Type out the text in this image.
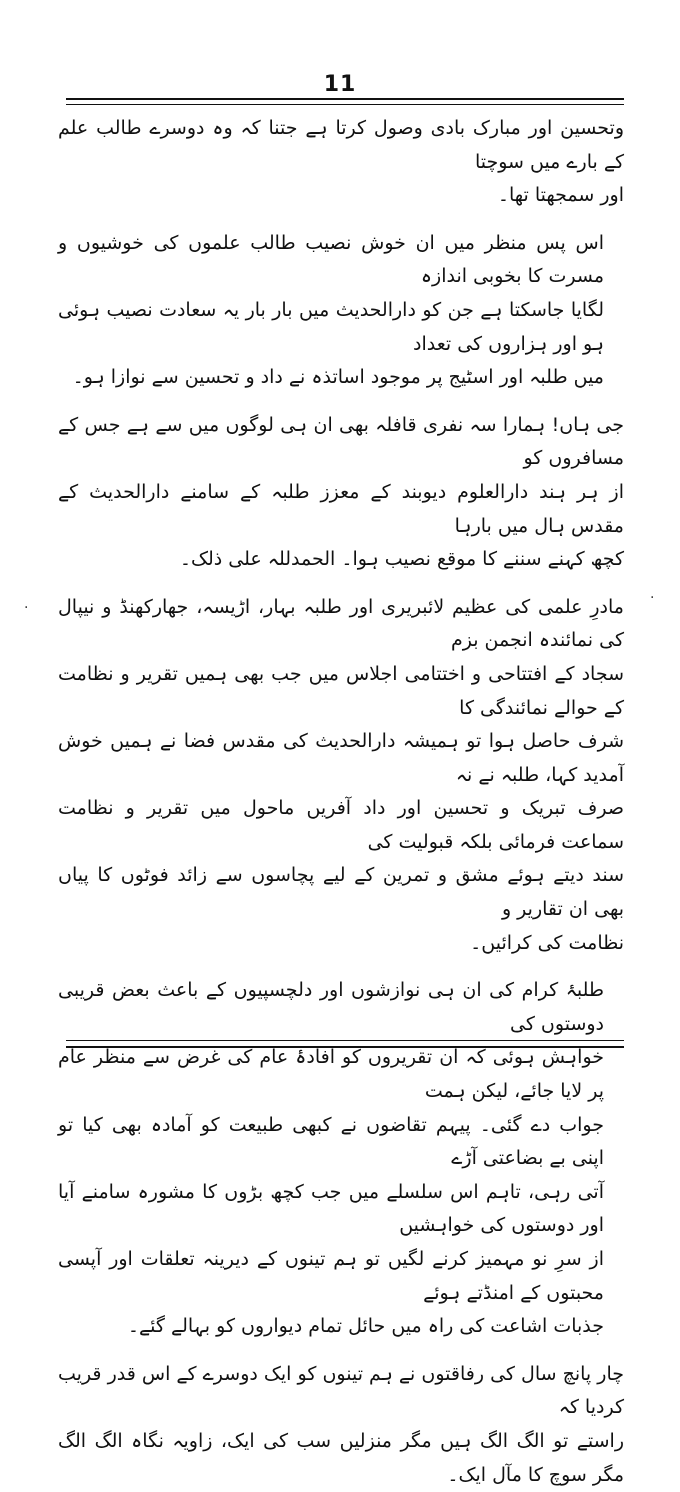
11
وتحسین اور مبارک بادی وصول کرتا ہے جتنا کہ وہ دوسرے طالب علم کے بارے میں سوچتا
اور سمجھتا تھا۔
اس پس منظر میں ان خوش نصیب طالب علموں کی خوشیوں و مسرت کا بخوبی اندازہ
لگایا جاسکتا ہے جن کو دارالحدیث میں بار بار یہ سعادت نصیب ہوئی ہو اور ہزاروں کی تعداد
میں طلبہ اور اسٹیج پر موجود اساتذہ نے داد و تحسین سے نوازا ہو۔
جی ہاں! ہمارا سہ نفری قافلہ بھی ان ہی لوگوں میں سے ہے جس کے مسافروں کو
از ہر ہند دارالعلوم دیوبند کے معزز طلبہ کے سامنے دارالحدیث کے مقدس ہال میں بارہا
کچھ کہنے سننے کا موقع نصیب ہوا۔ الحمدللہ علی ذلک۔
مادرِ علمی کی عظیم لائبریری اور طلبہ بہار، اڑیسہ، جھارکھنڈ و نیپال کی نمائندہ انجمن بزم
سجاد کے افتتاحی و اختتامی اجلاس میں جب بھی ہمیں تقریر و نظامت کے حوالے نمائندگی کا
شرف حاصل ہوا تو ہمیشہ دارالحدیث کی مقدس فضا نے ہمیں خوش آمدید کہا، طلبہ نے نہ
صرف تبریک و تحسین اور داد آفریں ماحول میں تقریر و نظامت سماعت فرمائی بلکہ قبولیت کی
سند دیتے ہوئے مشق و تمرین کے لیے پچاسوں سے زائد فوٹوں کا پیاں بھی ان تقاریر و
نظامت کی کرائیں۔
طلبۂ کرام کی ان ہی نوازشوں اور دلچسپیوں کے باعث بعض قریبی دوستوں کی
خواہش ہوئی کہ ان تقریروں کو افادۂ عام کی غرض سے منظر عام پر لایا جائے، لیکن ہمت
جواب دے گئی۔ پیہم تقاضوں نے کبھی طبیعت کو آمادہ بھی کیا تو اپنی بے بضاعتی آڑے
آتی رہی، تاہم اس سلسلے میں جب کچھ بڑوں کا مشورہ سامنے آیا اور دوستوں کی خواہشیں
از سرِ نو مہمیز کرنے لگیں تو ہم تینوں کے دیرینہ تعلقات اور آپسی محبتوں کے امنڈتے ہوئے
جذبات اشاعت کی راہ میں حائل تمام دیواروں کو بہالے گئے۔
چار پانچ سال کی رفاقتوں نے ہم تینوں کو ایک دوسرے کے اس قدر قریب کردیا کہ
راستے تو الگ الگ ہیں مگر منزلیں سب کی ایک، زاویہ نگاہ الگ الگ مگر سوچ کا مآل ایک۔
·
·
